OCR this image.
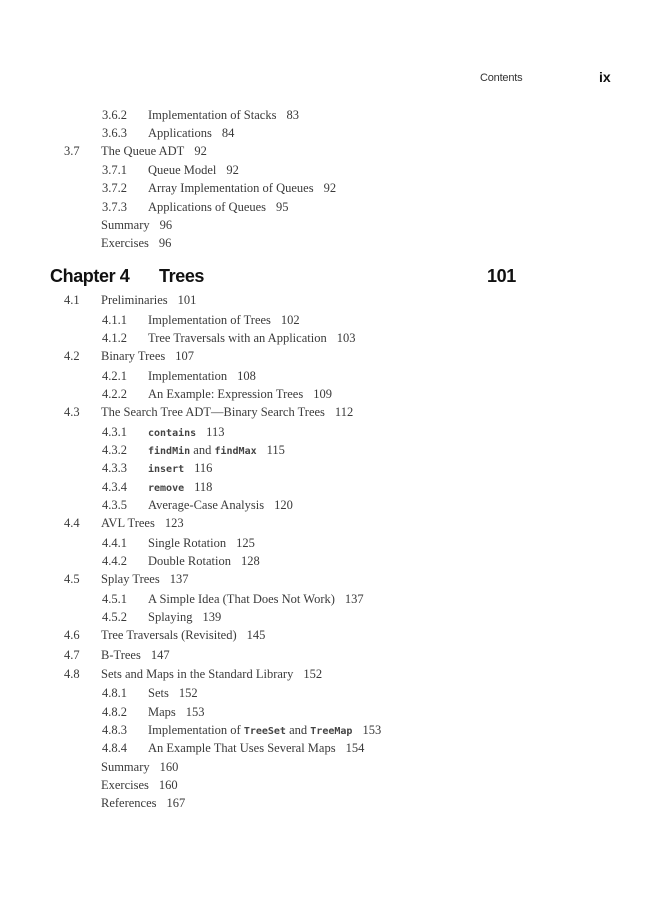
Contents	ix
Chapter 4 Trees	101
3.6.2 Implementation of Stacks 83
3.6.3 Applications 84
3.7 The Queue ADT 92
3.7.1 Queue Model 92
3.7.2 Array Implementation of Queues 92
3.7.3 Applications of Queues 95
Summary 96
Exercises 96
4.1 Preliminaries 101
4.1.1 Implementation of Trees 102
4.1.2 Tree Traversals with an Application 103
4.2 Binary Trees 107
4.2.1 Implementation 108
4.2.2 An Example: Expression Trees 109
4.3 The Search Tree ADT—Binary Search Trees 112
4.3.1 contains 113
4.3.2 findMin and findMax 115
4.3.3 insert 116
4.3.4 remove 118
4.3.5 Average-Case Analysis 120
4.4 AVL Trees 123
4.4.1 Single Rotation 125
4.4.2 Double Rotation 128
4.5 Splay Trees 137
4.5.1 A Simple Idea (That Does Not Work) 137
4.5.2 Splaying 139
4.6 Tree Traversals (Revisited) 145
4.7 B-Trees 147
4.8 Sets and Maps in the Standard Library 152
4.8.1 Sets 152
4.8.2 Maps 153
4.8.3 Implementation of TreeSet and TreeMap 153
4.8.4 An Example That Uses Several Maps 154
Summary 160
Exercises 160
References 167
